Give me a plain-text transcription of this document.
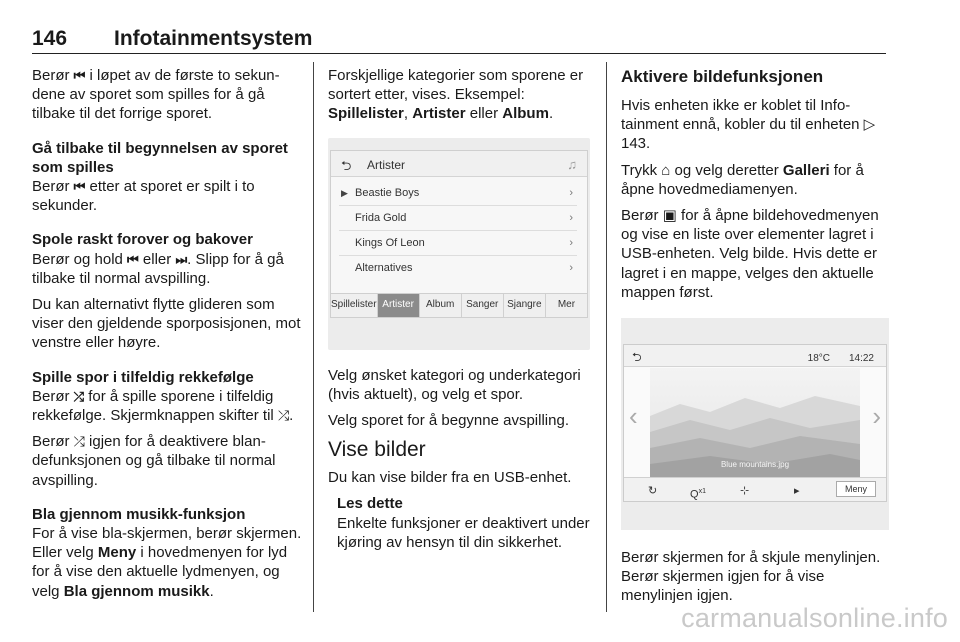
146 Infotainmentsystem

Berør ⏮ i løpet av de første to sekundene av sporet som spilles for å gå tilbake til det forrige sporet.

Gå tilbake til begynnelsen av sporet som spilles

Berør ⏮ etter at sporet er spilt i to sekunder.

Spole raskt forover og bakover

Berør og hold ⏮ eller ⏭. Slipp for å gå tilbake til normal avspilling.

Du kan alternativt flytte glideren som viser den gjeldende sporposisjonen, mot venstre eller høyre.

Spille spor i tilfeldig rekkefølge

Berør ⤮ for å spille sporene i tilfeldig rekkefølge. Skjermknappen skifter til ⤮.

Berør ⤮ igjen for å deaktivere blandefunksjonen og gå tilbake til normal avspilling.

Bla gjennom musikk-funksjon

For å vise bla-skjermen, berør skjermen. Eller velg Meny i hovedmenyen for lyd for å vise den aktuelle lydmenyen, og velg Bla gjennom musikk.

Forskjellige kategorier som sporene er sortert etter, vises. Eksempel:

Spillelister, Artister eller Album.

⮌ Artister	♫
▶ Beastie Boys	›
Frida Gold	›
Kings Of Leon	›
Alternatives	›
Spillelister Artister	Album	Sanger Sjangre	Mer

Velg ønsket kategori og underkategori (hvis aktuelt), og velg et spor.

Velg sporet for å begynne avspilling.

Vise bilder

Du kan vise bilder fra en USB-enhet.

Les dette
Enkelte funksjoner er deaktivert under kjøring av hensyn til din sikkerhet.
Aktivere bildefunksjonen

Hvis enheten ikke er koblet til Infotainment ennå, kobler du til enheten ▷ 143.

Trykk ⌂ og velg deretter Galleri for å åpne hovedmediamenyen.

Berør ▣ for å åpne bildehovedmenyen og vise en liste over elementer lagret i USB-enheten. Velg bilde. Hvis dette er lagret i en mappe, velges den aktuelle mappen først.

⮌	18°C 14:22
‹
Blue mountains.jpg
›
↻	$Q^{x1}$	⊹	▸	Meny

Berør skjermen for å skjule menylinjen. Berør skjermen igjen for å vise menylinjen igjen.

carmanualsonline.info
